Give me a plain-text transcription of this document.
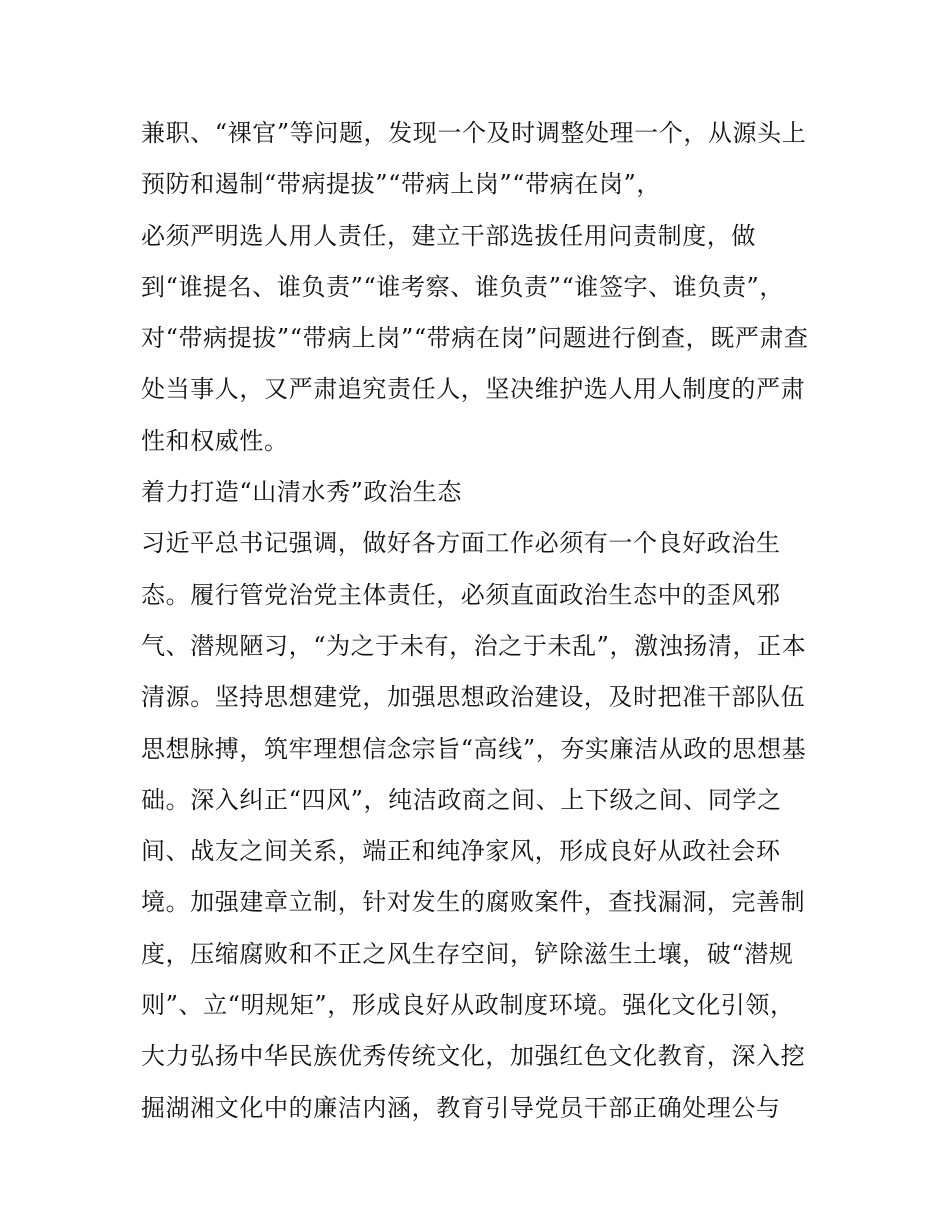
兼职、“裸官”等问题，发现一个及时调整处理一个，从源头上
预防和遏制“带病提拔”“带病上岗”“带病在岗”，
必须严明选人用人责任，建立干部选拔任用问责制度，做
到“谁提名、谁负责”“谁考察、谁负责”“谁签字、谁负责”，
对“带病提拔”“带病上岗”“带病在岗”问题进行倒查，既严肃查
处当事人，又严肃追究责任人，坚决维护选人用人制度的严肃
性和权威性。
着力打造“山清水秀”政治生态
习近平总书记强调，做好各方面工作必须有一个良好政治生
态。履行管党治党主体责任，必须直面政治生态中的歪风邪
气、潜规陋习，“为之于未有，治之于未乱”，激浊扬清，正本
清源。坚持思想建党，加强思想政治建设，及时把准干部队伍
思想脉搏，筑牢理想信念宗旨“高线”，夯实廉洁从政的思想基
础。深入纠正“四风”，纯洁政商之间、上下级之间、同学之
间、战友之间关系，端正和纯净家风，形成良好从政社会环
境。加强建章立制，针对发生的腐败案件，查找漏洞，完善制
度，压缩腐败和不正之风生存空间，铲除滋生土壤，破“潜规
则”、立“明规矩”，形成良好从政制度环境。强化文化引领，
大力弘扬中华民族优秀传统文化，加强红色文化教育，深入挖
掘湖湘文化中的廉洁内涵，教育引导党员干部正确处理公与
